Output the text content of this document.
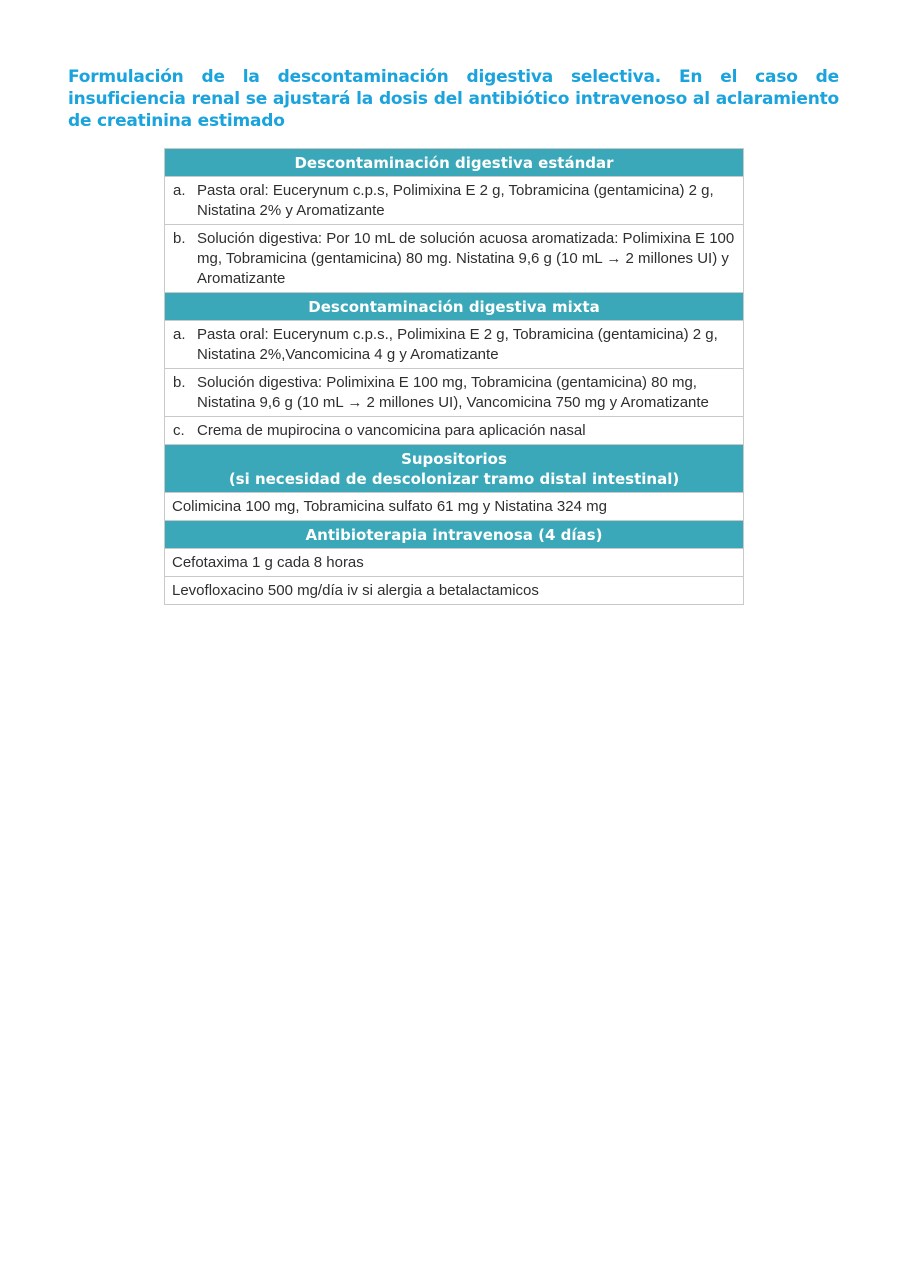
Formulación de la descontaminación digestiva selectiva. En el caso de insuficiencia renal se ajustará la dosis del antibiótico intravenoso al aclaramiento de creatinina estimado

Descontaminación digestiva estándar
a. Pasta oral: Eucerynum c.p.s, Polimixina E 2 g, Tobramicina (gentamicina) 2 g, Nistatina 2% y Aromatizante
b. Solución digestiva: Por 10 mL de solución acuosa aromatizada: Polimixina E 100 mg, Tobramicina (gentamicina) 80 mg. Nistatina 9,6 g (10 mL → 2 millones UI) y Aromatizante
Descontaminación digestiva mixta
a. Pasta oral: Eucerynum c.p.s., Polimixina E 2 g, Tobramicina (gentamicina) 2 g, Nistatina 2%,Vancomicina 4 g y Aromatizante
b. Solución digestiva: Polimixina E 100 mg, Tobramicina (gentamicina) 80 mg, Nistatina 9,6 g (10 mL → 2 millones UI), Vancomicina 750 mg y Aromatizante
c. Crema de mupirocina o vancomicina para aplicación nasal
Supositorios
(si necesidad de descolonizar tramo distal intestinal)
Colimicina 100 mg, Tobramicina sulfato 61 mg y Nistatina 324 mg
Antibioterapia intravenosa (4 días)
Cefotaxima 1 g cada 8 horas
Levofloxacino 500 mg/día iv si alergia a betalactamicos
